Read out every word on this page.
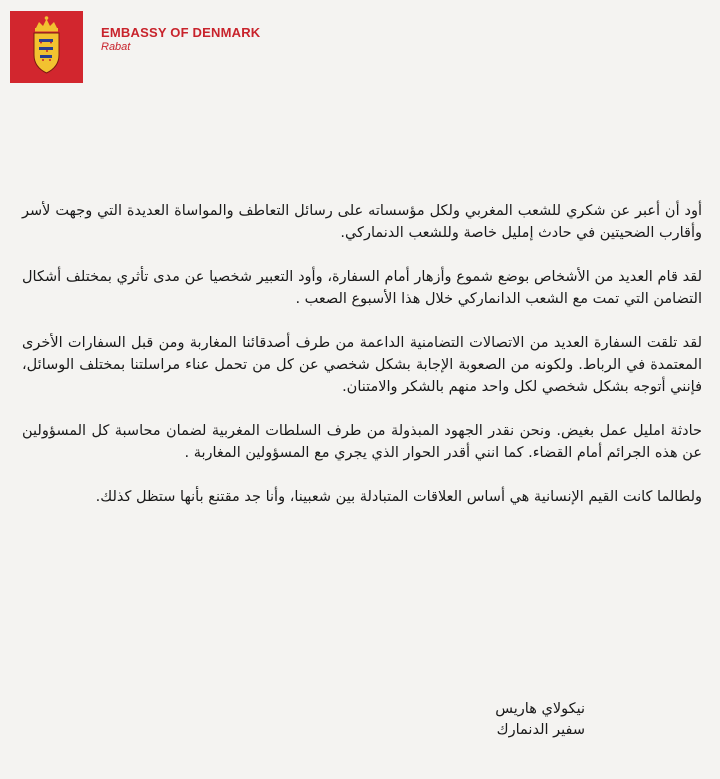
EMBASSY OF DENMARK
Rabat

أود أن أعبر عن شكري للشعب المغربي ولكل مؤسساته على رسائل التعاطف والمواساة العديدة التي وجهت لأسر وأقارب الضحيتين في حادث إمليل خاصة وللشعب الدنماركي.

لقد قام العديد من الأشخاص بوضع شموع وأزهار أمام السفارة، وأود التعبير شخصيا عن مدى تأثري بمختلف أشكال التضامن التي تمت مع الشعب الدانماركي خلال هذا الأسبوع الصعب .

لقد تلقت السفارة العديد من الاتصالات التضامنية الداعمة من طرف أصدقائنا المغاربة ومن قبل السفارات الأخرى المعتمدة في الرباط. ولكونه من الصعوبة الإجابة بشكل شخصي عن كل من تحمل عناء مراسلتنا بمختلف الوسائل، فإنني أتوجه بشكل شخصي لكل واحد منهم بالشكر والامتنان.

حادثة امليل عمل بغيض. ونحن نقدر الجهود المبذولة من طرف السلطات المغربية لضمان محاسبة كل المسؤولين عن هذه الجرائم أمام القضاء. كما انني أقدر الحوار الذي يجري مع المسؤولين المغاربة .

ولطالما كانت القيم الإنسانية هي أساس العلاقات المتبادلة بين شعبينا، وأنا جد مقتنع بأنها ستظل كذلك.

نيكولاي هاريس
سفير الدنمارك
